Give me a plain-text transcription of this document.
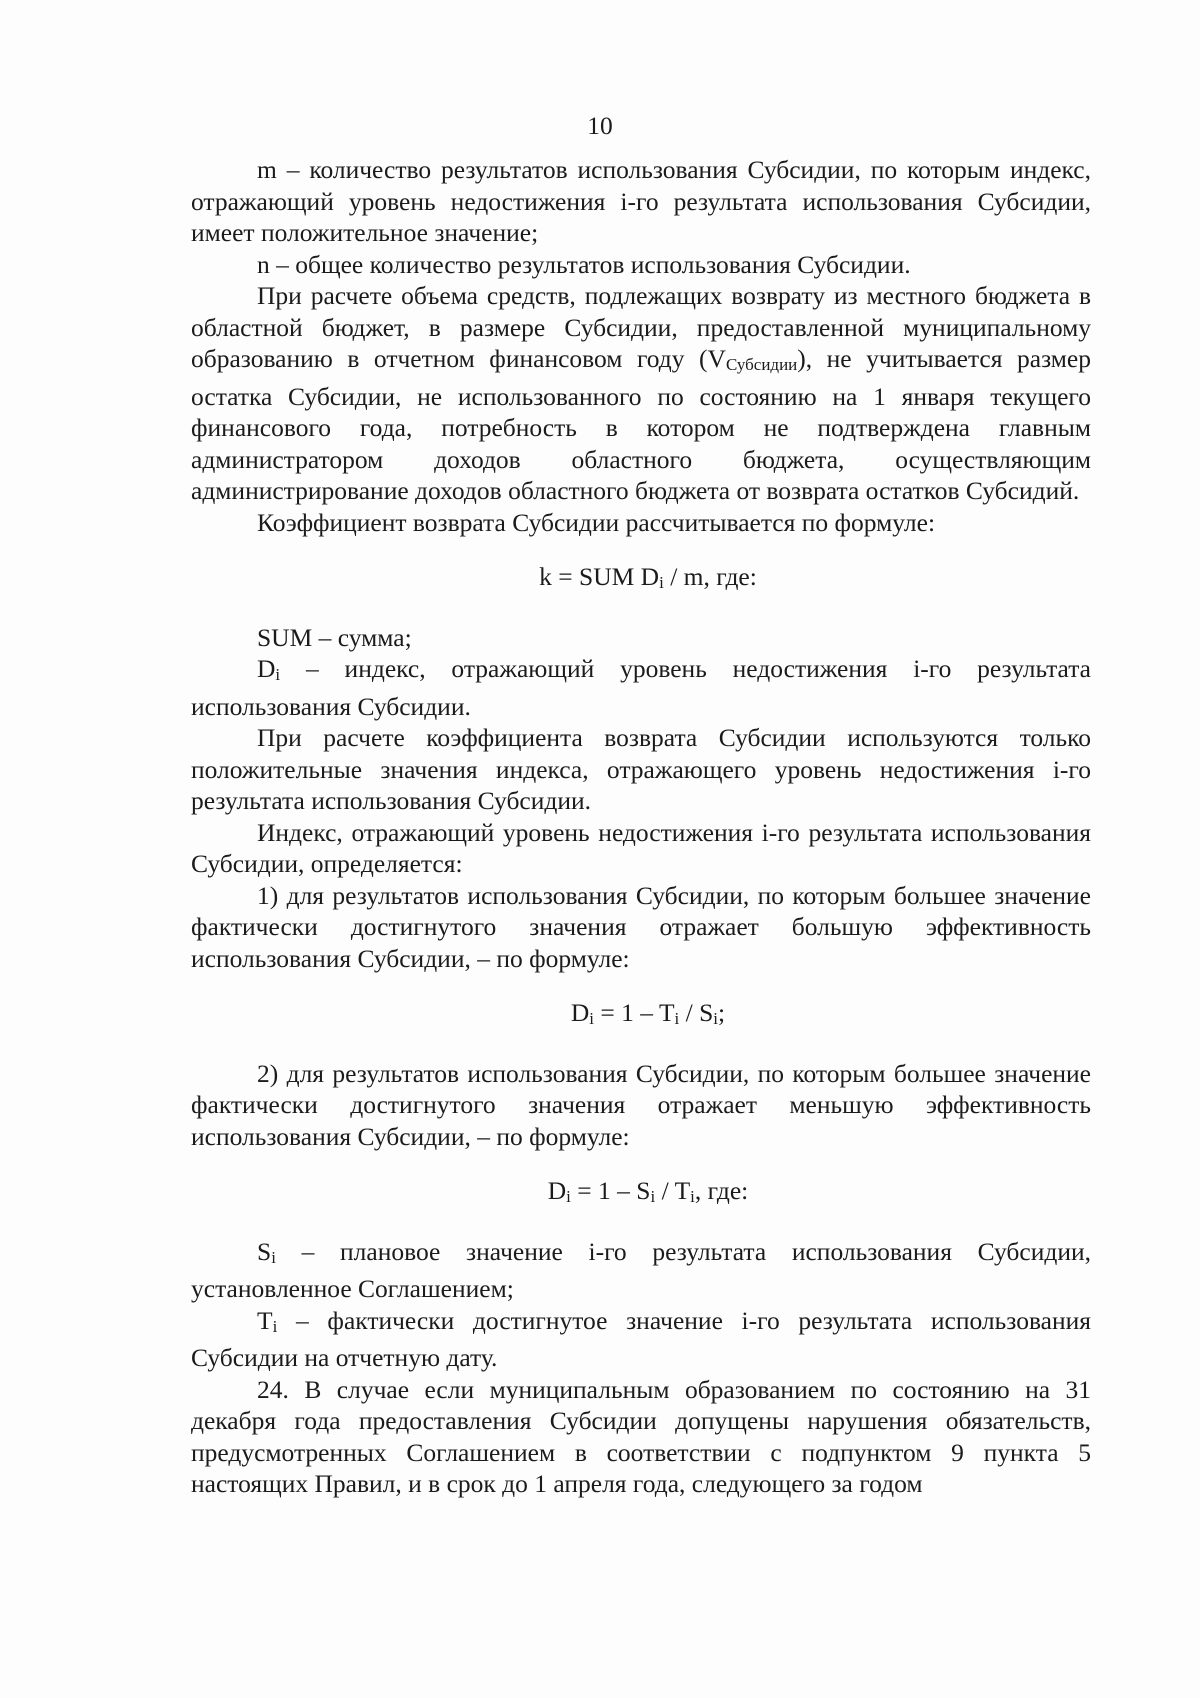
10

m – количество результатов использования Субсидии, по которым индекс, отражающий уровень недостижения i-го результата использования Субсидии, имеет положительное значение;

n – общее количество результатов использования Субсидии.

При расчете объема средств, подлежащих возврату из местного бюджета в областной бюджет, в размере Субсидии, предоставленной муниципальному образованию в отчетном финансовом году (VСубсидии), не учитывается размер остатка Субсидии, не использованного по состоянию на 1 января текущего финансового года, потребность в котором не подтверждена главным администратором доходов областного бюджета, осуществляющим администрирование доходов областного бюджета от возврата остатков Субсидий.

Коэффициент возврата Субсидии рассчитывается по формуле:

k = SUM Di / m, где:

SUM – сумма;

Di – индекс, отражающий уровень недостижения i-го результата использования Субсидии.

При расчете коэффициента возврата Субсидии используются только положительные значения индекса, отражающего уровень недостижения i-го результата использования Субсидии.

Индекс, отражающий уровень недостижения i-го результата использования Субсидии, определяется:

1) для результатов использования Субсидии, по которым большее значение фактически достигнутого значения отражает большую эффективность использования Субсидии, – по формуле:

Di = 1 – Ti / Si;

2) для результатов использования Субсидии, по которым большее значение фактически достигнутого значения отражает меньшую эффективность использования Субсидии, – по формуле:

Di = 1 – Si / Ti, где:

Si – плановое значение i-го результата использования Субсидии, установленное Соглашением;

Ti – фактически достигнутое значение i-го результата использования Субсидии на отчетную дату.

24. В случае если муниципальным образованием по состоянию на 31 декабря года предоставления Субсидии допущены нарушения обязательств, предусмотренных Соглашением в соответствии с подпунктом 9 пункта 5 настоящих Правил, и в срок до 1 апреля года, следующего за годом
